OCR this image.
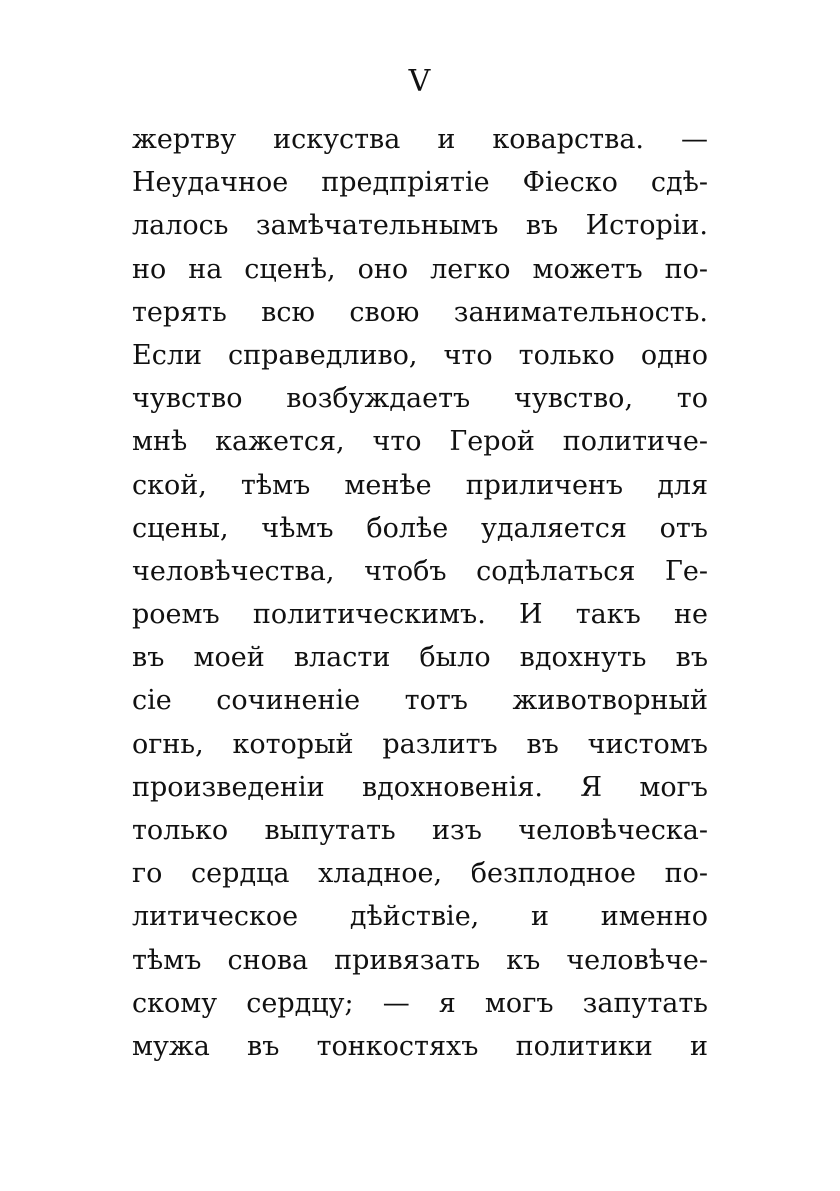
V
жертву искуства и коварства. —
Неудачное предпріятіе Фіеско сдѣ-
лалось замѣчательнымъ въ Исторіи.
но на сценѣ, оно легко можетъ по-
терять всю свою занимательность.
Если справедливо, что только одно
чувство возбуждаетъ чувство, то
мнѣ кажется, что Герой политиче-
ской, тѣмъ менѣе приличенъ для
сцены, чѣмъ болѣе удаляется отъ
человѣчества, чтобъ содѣлаться Ге-
роемъ политическимъ. И такъ не
въ моей власти было вдохнуть въ
сіе сочиненіе тотъ животворный
огнь, который разлитъ въ чистомъ
произведеніи вдохновенія. Я могъ
только выпутать изъ человѣческа-
го сердца хладное, безплодное по-
литическое дѣйствіе, и именно
тѣмъ снова привязать къ человѣче-
скому сердцу; — я могъ запутать
мужа въ тонкостяхъ политики и
